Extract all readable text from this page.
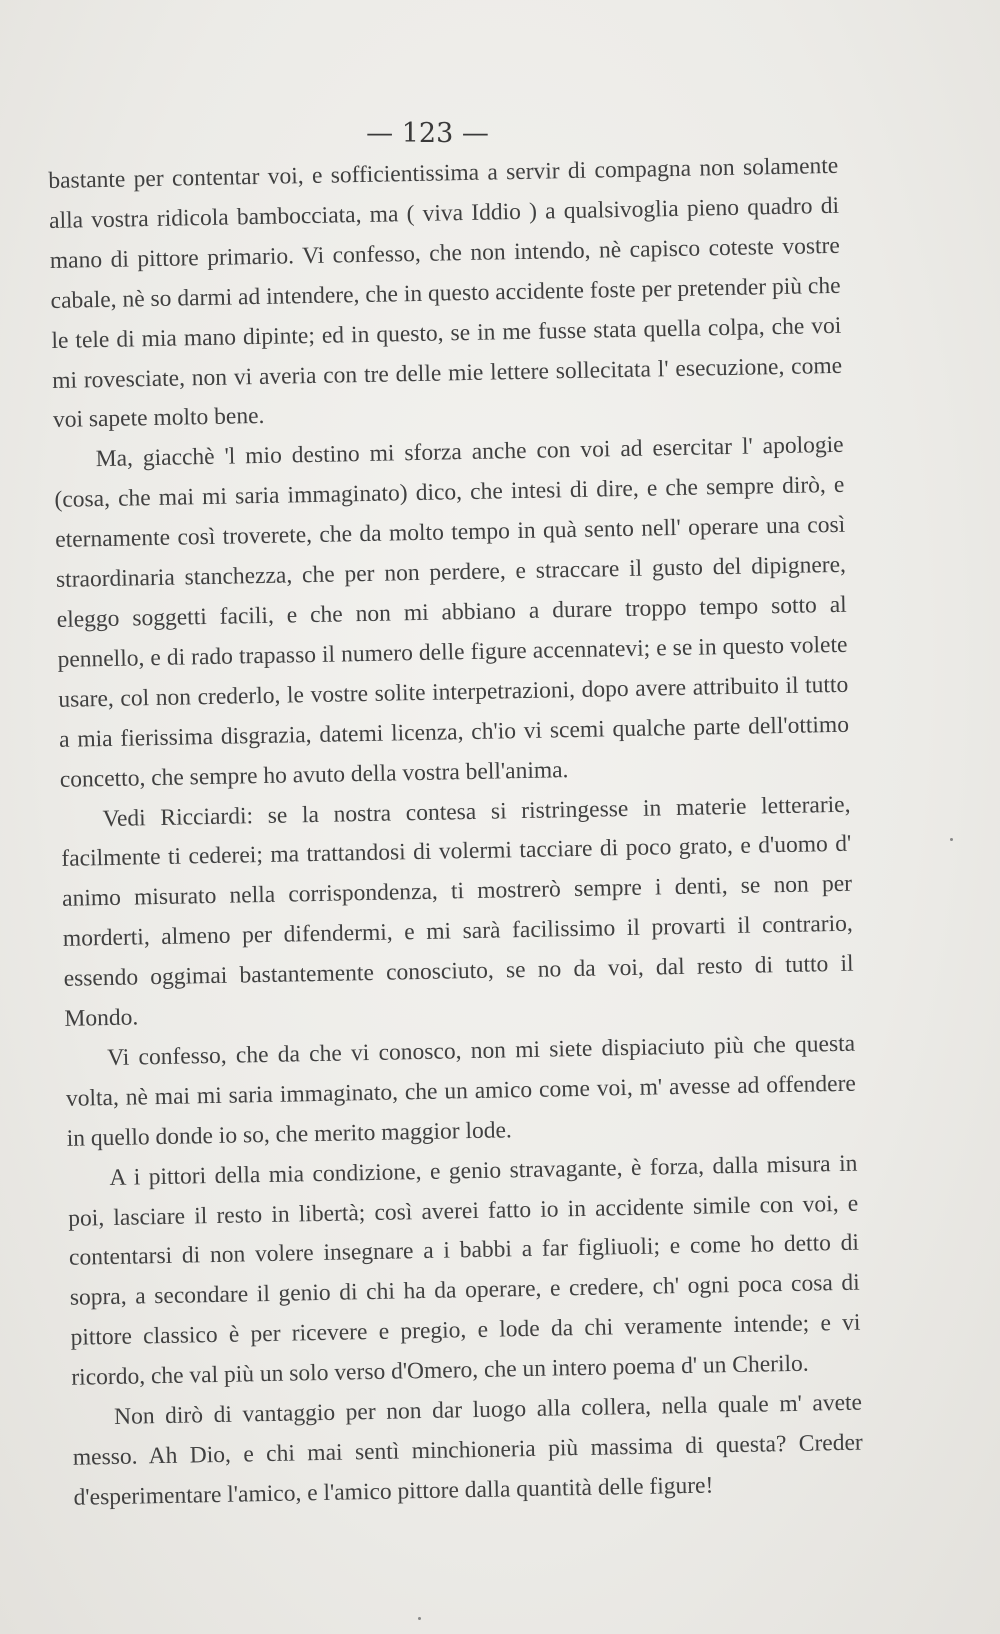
— 123 —

bastante per contentar voi, e sofficientissima a servir di compagna non solamente alla vostra ridicola bambocciata, ma ( viva Iddio ) a qualsivoglia pieno quadro di mano di pittore primario. Vi confesso, che non intendo, nè capisco coteste vostre cabale, nè so darmi ad intendere, che in questo accidente foste per pretender più che le tele di mia mano dipinte; ed in questo, se in me fusse stata quella colpa, che voi mi rovesciate, non vi averia con tre delle mie lettere sollecitata l' esecuzione, come voi sapete molto bene.

Ma, giacchè 'l mio destino mi sforza anche con voi ad esercitar l' apologie (cosa, che mai mi saria immaginato) dico, che intesi di dire, e che sempre dirò, e eternamente così troverete, che da molto tempo in quà sento nell' operare una così straordinaria stanchezza, che per non perdere, e straccare il gusto del dipignere, eleggo soggetti facili, e che non mi abbiano a durare troppo tempo sotto al pennello, e di rado trapasso il numero delle figure accennatevi; e se in questo volete usare, col non crederlo, le vostre solite interpetrazioni, dopo avere attribuito il tutto a mia fierissima disgrazia, datemi licenza, ch'io vi scemi qualche parte dell'ottimo concetto, che sempre ho avuto della vostra bell'anima.

Vedi Ricciardi: se la nostra contesa si ristringesse in materie letterarie, facilmente ti cederei; ma trattandosi di volermi tacciare di poco grato, e d'uomo d' animo misurato nella corrispondenza, ti mostrerò sempre i denti, se non per morderti, almeno per difendermi, e mi sarà facilissimo il provarti il contrario, essendo oggimai bastantemente conosciuto, se no da voi, dal resto di tutto il Mondo.

Vi confesso, che da che vi conosco, non mi siete dispiaciuto più che questa volta, nè mai mi saria immaginato, che un amico come voi, m' avesse ad offendere in quello donde io so, che merito maggior lode.

A i pittori della mia condizione, e genio stravagante, è forza, dalla misura in poi, lasciare il resto in libertà; così averei fatto io in accidente simile con voi, e contentarsi di non volere insegnare a i babbi a far figliuoli; e come ho detto di sopra, a secondare il genio di chi ha da operare, e credere, ch' ogni poca cosa di pittore classico è per ricevere e pregio, e lode da chi veramente intende; e vi ricordo, che val più un solo verso d'Omero, che un intero poema d' un Cherilo.

Non dirò di vantaggio per non dar luogo alla collera, nella quale m' avete messo. Ah Dio, e chi mai sentì minchioneria più massima di questa? Creder d'esperimentare l'amico, e l'amico pittore dalla quantità delle figure!
